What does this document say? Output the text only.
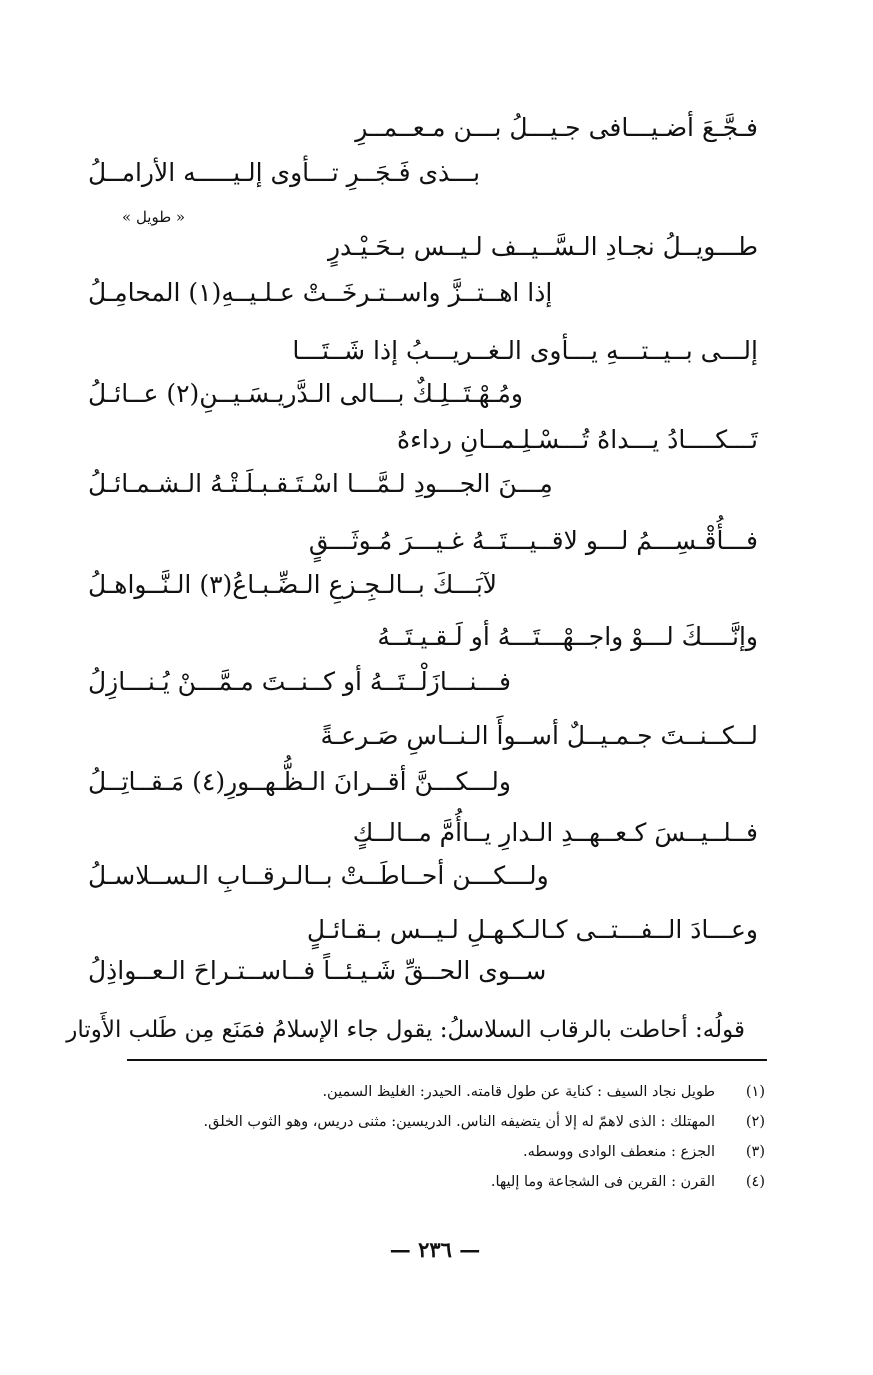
فـجَّـعَ أضـيـــافى جـيـــلُ بـــن مـعــمــرِ
بـــذى فَـجَــرِ تـــأوى إلـيـــــه الأرامــلُ
« طويل »
طـــويــلُ نجـادِ الـسَّــيــف لـيــس بـحَـيْـدرٍ
إذا اهــتــزَّ واســتـرخَــتْ عـلـيــهِ(١) المحامِـلُ
إلـــى بــيــتـــهِ يـــأوى الـغــريـــبُ إذا شَــتَـــا
ومُـهْـتَــلِـكٌ بـــالى الـدَّريـسَـيــنِ(٢) عــائـلُ
تَـــكــــادُ يـــداهُ تُـــسْـلِـمــانِ رداءهُ
مِـــنَ الجـــودِ لـمَّـــا اسْـتَـقـبـلَـتْـهُ الـشـمـائـلُ
فـــأُقْـسِـــمُ لـــو لاقــيـــتَــهُ غـيـــرَ مُـوثَـــقٍ
لآبَـــكَ بــالـجِـزعِ الـضِّـبـاعُ(٣) الـنَّــواهـلُ
وإنَّــــكَ لـــوْ واجــهْـــتَـــهُ أو لَـقـيـتَــهُ
فـــنـــازَلْــتَــهُ أو كــنــتَ مـمَّـــنْ يُـنـــازِلُ
لــكــنــتَ جـمـيــلٌ أســوأَ الـنــاسِ صَـرعـةً
ولـــكـــنَّ أقــرانَ الـظُّـهــورِ(٤) مَـقــاتِــلُ
فــلــيــسَ كـعــهــدِ الـدارِ يــاأُمَّ مــالــكٍ
ولـــكـــن أحــاطَــتْ بــالـرقــابِ الـســلاسـلُ
وعـــادَ الــفـــتــى كـالـكـهـلِ لـيــس بـقـائـلٍ
ســوى الحــقِّ شَـيـئــاً فــاســتـراحَ الـعــواذِلُ
قولُه: أحاطت بالرقاب السلاسلُ: يقول جاء الإسلامُ فمَنَع مِن طَلب الأَوتار
(١)
طويل نجاد السيف : كناية عن طول قامته. الحيدر: الغليظ السمين.
(٢)
المهتلك : الذى لاهمّ له إلا أن يتضيفه الناس. الدريسين: مثنى دريس، وهو الثوب الخلق.
(٣)
الجزع : منعطف الوادى ووسطه.
(٤)
القرن : القرين فى الشجاعة وما إليها.
— ٢٣٦ —
